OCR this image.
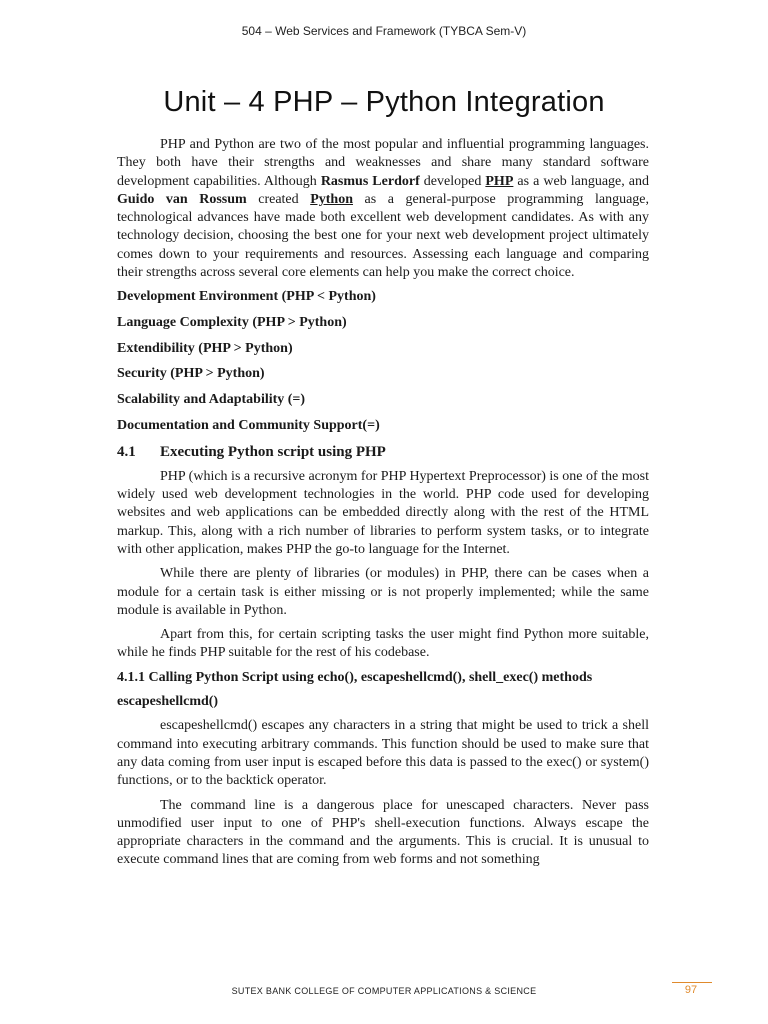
504 – Web Services and Framework (TYBCA Sem-V)
Unit – 4 PHP – Python Integration

PHP and Python are two of the most popular and influential programming languages. They both have their strengths and weaknesses and share many standard software development capabilities. Although Rasmus Lerdorf developed PHP as a web language, and Guido van Rossum created Python as a general-purpose programming language, technological advances have made both excellent web development candidates. As with any technology decision, choosing the best one for your next web development project ultimately comes down to your requirements and resources. Assessing each language and comparing their strengths across several core elements can help you make the correct choice.

Development Environment (PHP < Python)

Language Complexity (PHP > Python)

Extendibility (PHP > Python)

Security (PHP > Python)

Scalability and Adaptability (=)

Documentation and Community Support(=)

4.1 Executing Python script using PHP

PHP (which is a recursive acronym for PHP Hypertext Preprocessor) is one of the most widely used web development technologies in the world. PHP code used for developing websites and web applications can be embedded directly along with the rest of the HTML markup. This, along with a rich number of libraries to perform system tasks, or to integrate with other application, makes PHP the go-to language for the Internet.

While there are plenty of libraries (or modules) in PHP, there can be cases when a module for a certain task is either missing or is not properly implemented; while the same module is available in Python.

Apart from this, for certain scripting tasks the user might find Python more suitable, while he finds PHP suitable for the rest of his codebase.

4.1.1 Calling Python Script using echo(), escapeshellcmd(), shell_exec() methods

escapeshellcmd()

escapeshellcmd() escapes any characters in a string that might be used to trick a shell command into executing arbitrary commands. This function should be used to make sure that any data coming from user input is escaped before this data is passed to the exec() or system() functions, or to the backtick operator.

The command line is a dangerous place for unescaped characters. Never pass unmodified user input to one of PHP's shell-execution functions. Always escape the appropriate characters in the command and the arguments. This is crucial. It is unusual to execute command lines that are coming from web forms and not something

SUTEX BANK COLLEGE OF COMPUTER APPLICATIONS & SCIENCE	97
